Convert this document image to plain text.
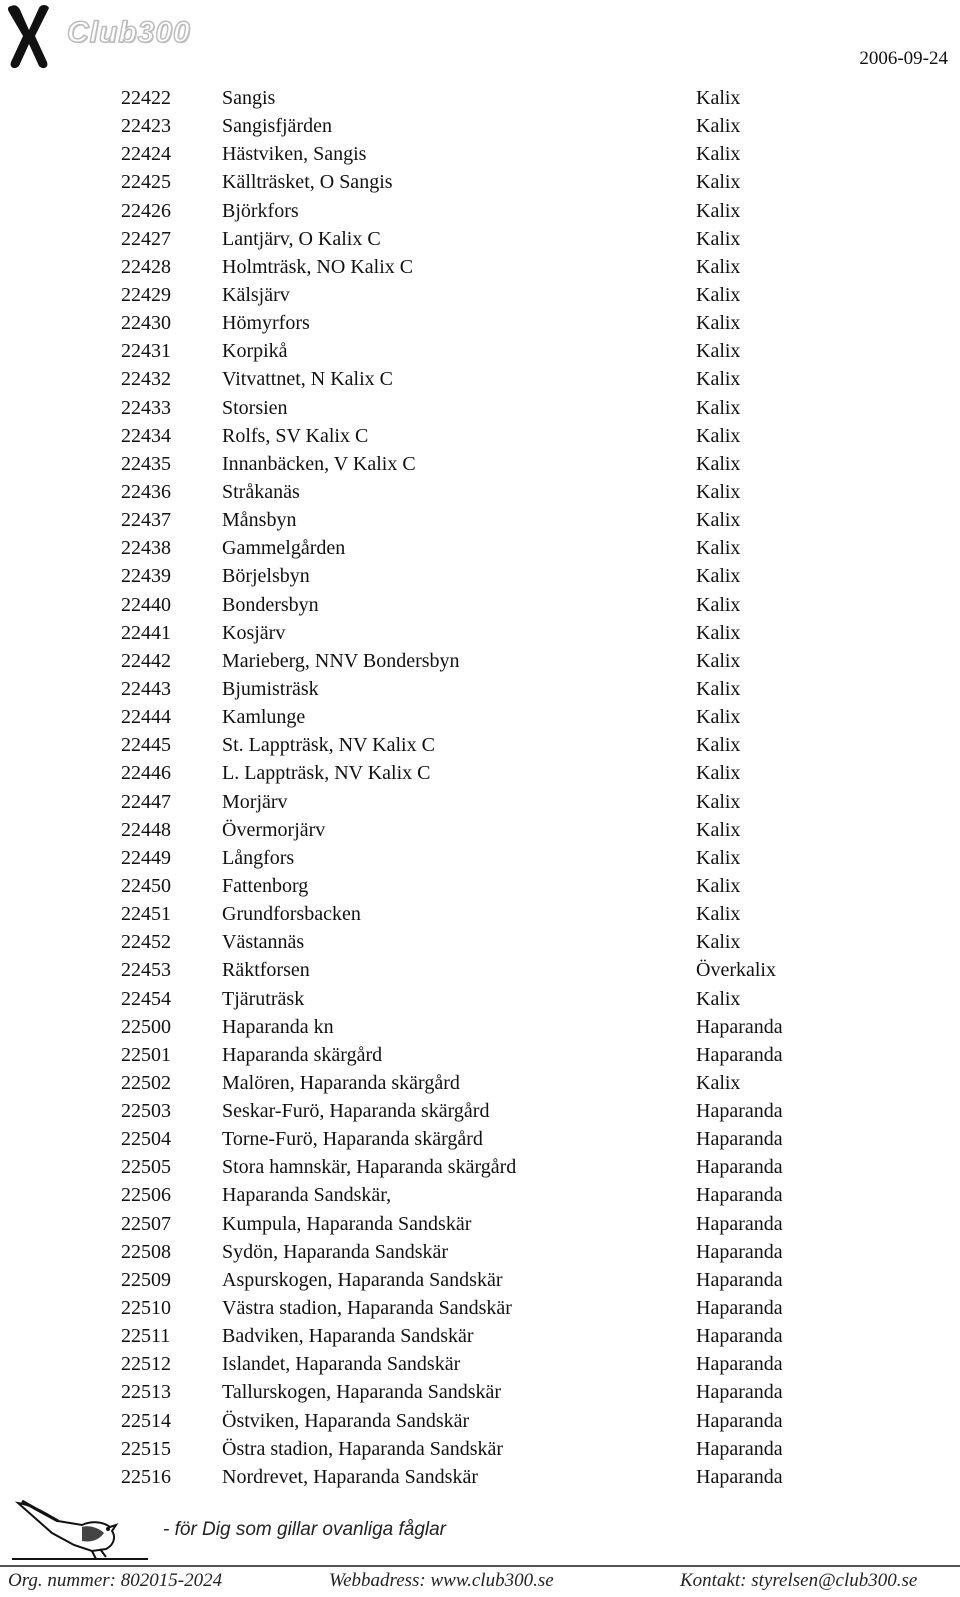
Club300
2006-09-24
22422	Sangis	Kalix
22423	Sangisfjärden	Kalix
22424	Hästviken, Sangis	Kalix
22425	Källträsket, O Sangis	Kalix
22426	Björkfors	Kalix
22427	Lantjärv, O Kalix C	Kalix
22428	Holmträsk, NO Kalix C	Kalix
22429	Kälsjärv	Kalix
22430	Hömyrfors	Kalix
22431	Korpikå	Kalix
22432	Vitvattnet, N Kalix C	Kalix
22433	Storsien	Kalix
22434	Rolfs, SV Kalix C	Kalix
22435	Innanbäcken, V Kalix C	Kalix
22436	Stråkanäs	Kalix
22437	Månsbyn	Kalix
22438	Gammelgården	Kalix
22439	Börjelsbyn	Kalix
22440	Bondersbyn	Kalix
22441	Kosjärv	Kalix
22442	Marieberg, NNV Bondersbyn	Kalix
22443	Bjumisträsk	Kalix
22444	Kamlunge	Kalix
22445	St. Lappträsk, NV Kalix C	Kalix
22446	L. Lappträsk, NV Kalix C	Kalix
22447	Morjärv	Kalix
22448	Övermorjärv	Kalix
22449	Långfors	Kalix
22450	Fattenborg	Kalix
22451	Grundforsbacken	Kalix
22452	Västannäs	Kalix
22453	Räktforsen	Överkalix
22454	Tjäruträsk	Kalix
22500	Haparanda kn	Haparanda
22501	Haparanda skärgård	Haparanda
22502	Malören, Haparanda skärgård	Kalix
22503	Seskar-Furö, Haparanda skärgård	Haparanda
22504	Torne-Furö, Haparanda skärgård	Haparanda
22505	Stora hamnskär, Haparanda skärgård	Haparanda
22506	Haparanda Sandskär,	Haparanda
22507	Kumpula, Haparanda Sandskär	Haparanda
22508	Sydön, Haparanda Sandskär	Haparanda
22509	Aspurskogen, Haparanda Sandskär	Haparanda
22510	Västra stadion, Haparanda Sandskär	Haparanda
22511	Badviken, Haparanda Sandskär	Haparanda
22512	Islandet, Haparanda Sandskär	Haparanda
22513	Tallurskogen, Haparanda Sandskär	Haparanda
22514	Östviken, Haparanda Sandskär	Haparanda
22515	Östra stadion, Haparanda Sandskär	Haparanda
22516	Nordrevet, Haparanda Sandskär	Haparanda
- för Dig som gillar ovanliga fåglar
Org. nummer: 802015-2024	Webbadress: www.club300.se	Kontakt: styrelsen@club300.se
